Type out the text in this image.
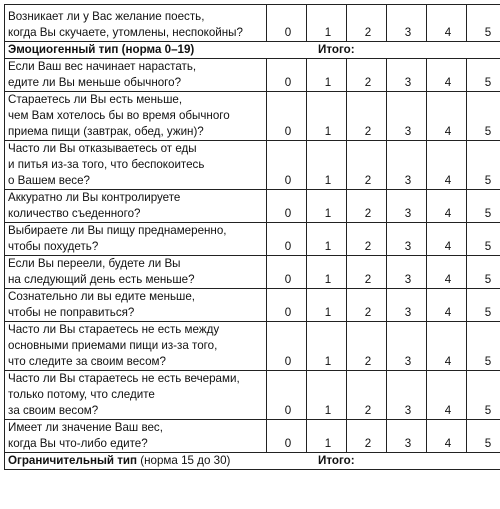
Возникает ли у Вас желание поесть,
когда Вы скучаете, утомлены, неспокойны?	0	1	2	3	4	5
Эмоциогенный тип (норма 0–19) Итого:						

Если Ваш вес начинает нарастать,
едите ли Вы меньше обычного?	0	1	2	3	4	5

Стараетесь ли Вы есть меньше,
чем Вам хотелось бы во время обычного
приема пищи (завтрак, обед, ужин)?	0	1	2	3	4	5

Часто ли Вы отказываетесь от еды
и питья из-за того, что беспокоитесь
о Вашем весе?	0	1	2	3	4	5

Аккуратно ли Вы контролируете
количество съеденного?	0	1	2	3	4	5

Выбираете ли Вы пищу преднамеренно,
чтобы похудеть?	0	1	2	3	4	5

Если Вы переели, будете ли Вы
на следующий день есть меньше?	0	1	2	3	4	5

Сознательно ли вы едите меньше,
чтобы не поправиться?	0	1	2	3	4	5

Часто ли Вы стараетесь не есть между
основными приемами пищи из-за того,
что следите за своим весом?	0	1	2	3	4	5

Часто ли Вы стараетесь не есть вечерами,
только потому, что следите
за своим весом?	0	1	2	3	4	5

Имеет ли значение Ваш вес,
когда Вы что-либо едите?	0	1	2	3	4	5
Ограничительный тип (норма 15 до 30) Итого:						
